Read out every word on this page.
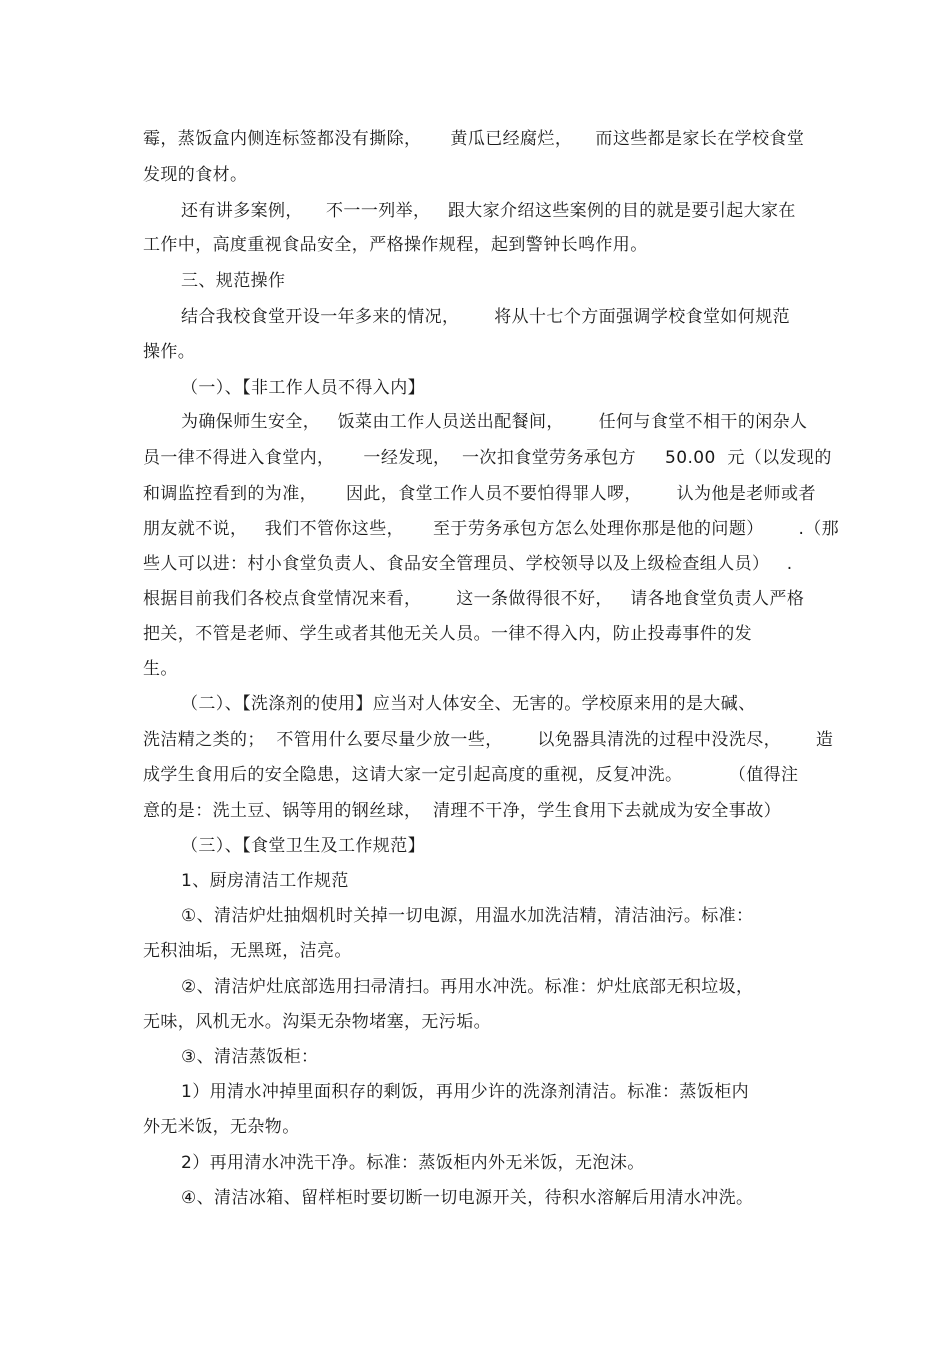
霉，蒸饭盒内侧连标签都没有撕除，     黄瓜已经腐烂，    而这些都是家长在学校食堂
发现的食材。
还有讲多案例，    不一一列举，   跟大家介绍这些案例的目的就是要引起大家在
工作中，高度重视食品安全，严格操作规程，起到警钟长鸣作用。
三、规范操作
结合我校食堂开设一年多来的情况，      将从十七个方面强调学校食堂如何规范
操作。
（一）、【非工作人员不得入内】
为确保师生安全，   饭菜由工作人员送出配餐间，      任何与食堂不相干的闲杂人
员一律不得进入食堂内，     一经发现，  一次扣食堂劳务承包方     50.00  元（以发现的
和调监控看到的为准，     因此，食堂工作人员不要怕得罪人啰，      认为他是老师或者
朋友就不说，   我们不管你这些，     至于劳务承包方怎么处理你那是他的问题）      .（那
些人可以进：村小食堂负责人、食品安全管理员、学校领导以及上级检查组人员）   .
根据目前我们各校点食堂情况来看，      这一条做得很不好，   请各地食堂负责人严格
把关，不管是老师、学生或者其他无关人员。一律不得入内，防止投毒事件的发
生。
（二）、【洗涤剂的使用】应当对人体安全、无害的。学校原来用的是大碱、
洗洁精之类的；  不管用什么要尽量少放一些，      以免器具清洗的过程中没洗尽，      造
成学生食用后的安全隐患，这请大家一定引起高度的重视，反复冲洗。        （值得注
意的是：洗土豆、锅等用的钢丝球，  清理不干净，学生食用下去就成为安全事故）
（三）、【食堂卫生及工作规范】
1、厨房清洁工作规范
①、清洁炉灶抽烟机时关掉一切电源，用温水加洗洁精，清洁油污。标准：
无积油垢，无黑斑，洁亮。
②、清洁炉灶底部选用扫帚清扫。再用水冲洗。标准：炉灶底部无积垃圾，
无味，风机无水。沟渠无杂物堵塞，无污垢。
③、清洁蒸饭柜：
1）用清水冲掉里面积存的剩饭，再用少许的洗涤剂清洁。标准：蒸饭柜内
外无米饭，无杂物。
2）再用清水冲洗干净。标准：蒸饭柜内外无米饭，无泡沫。
④、清洁冰箱、留样柜时要切断一切电源开关，待积水溶解后用清水冲洗。
